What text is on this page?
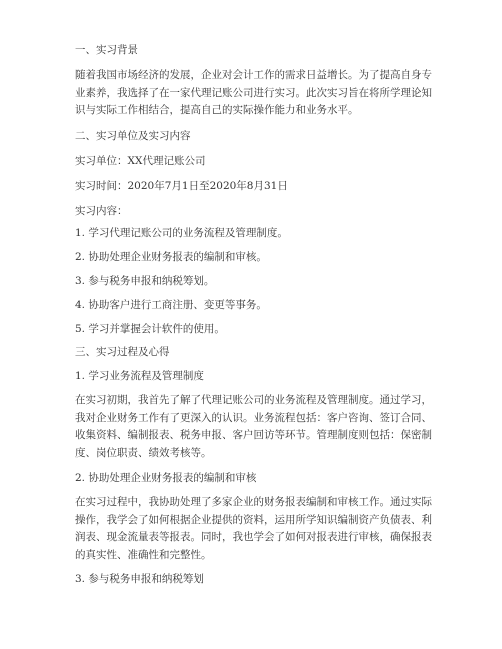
一、实习背景
随着我国市场经济的发展，企业对会计工作的需求日益增长。为了提高自身专业素养，我选择了在一家代理记账公司进行实习。此次实习旨在将所学理论知识与实际工作相结合，提高自己的实际操作能力和业务水平。
二、实习单位及实习内容
实习单位：XX代理记账公司
实习时间：2020年7月1日至2020年8月31日
实习内容：
1. 学习代理记账公司的业务流程及管理制度。
2. 协助处理企业财务报表的编制和审核。
3. 参与税务申报和纳税筹划。
4. 协助客户进行工商注册、变更等事务。
5. 学习并掌握会计软件的使用。
三、实习过程及心得
1. 学习业务流程及管理制度
在实习初期，我首先了解了代理记账公司的业务流程及管理制度。通过学习，我对企业财务工作有了更深入的认识。业务流程包括：客户咨询、签订合同、收集资料、编制报表、税务申报、客户回访等环节。管理制度则包括：保密制度、岗位职责、绩效考核等。
2. 协助处理企业财务报表的编制和审核
在实习过程中，我协助处理了多家企业的财务报表编制和审核工作。通过实际操作，我学会了如何根据企业提供的资料，运用所学知识编制资产负债表、利润表、现金流量表等报表。同时，我也学会了如何对报表进行审核，确保报表的真实性、准确性和完整性。
3. 参与税务申报和纳税筹划
